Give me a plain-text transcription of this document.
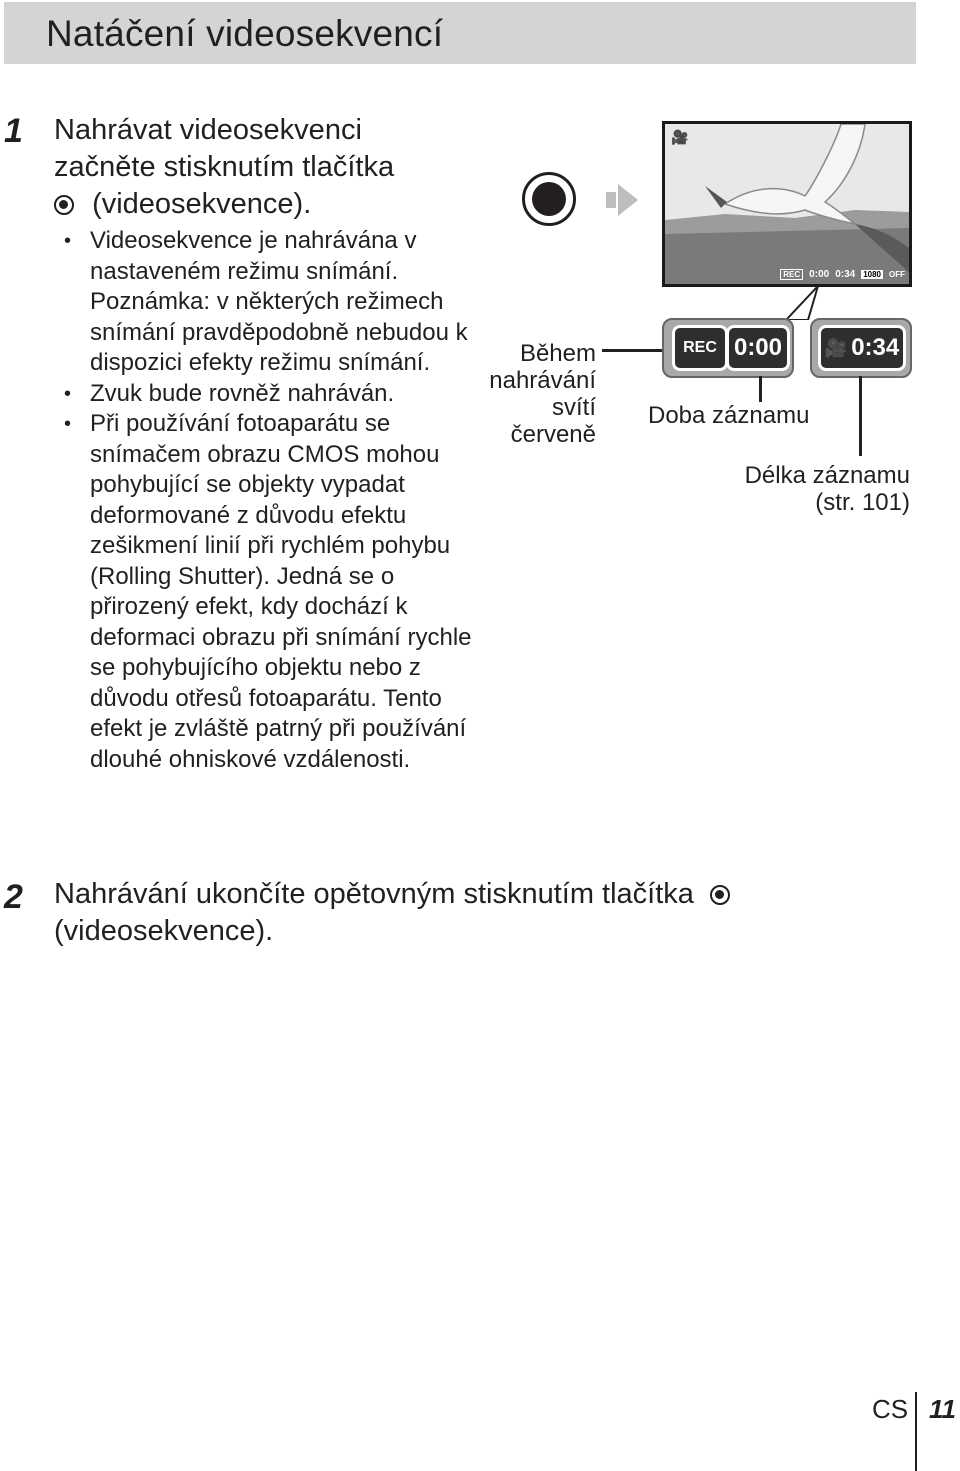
Natáčení videosekvencí
1 Nahrávat videosekvenci
začněte stisknutím tlačítka
(videosekvence).
• Videosekvence je nahrávána v nastaveném režimu snímání. Poznámka: v některých režimech snímání pravděpodobně nebudou k dispozici efekty režimu snímání.
• Zvuk bude rovněž nahráván.
• Při používání fotoaparátu se snímačem obrazu CMOS mohou pohybující se objekty vypadat deformované z důvodu efektu zešikmení linií při rychlém pohybu (Rolling Shutter). Jedná se o přirozený efekt, kdy dochází k deformaci obrazu při snímání rychle se pohybujícího objektu nebo z důvodu otřesů fotoaparátu. Tento efekt je zvláště patrný při používání dlouhé ohniskové vzdálenosti.
🎥
REC 0:00 0:34 1080 OFF
Během
nahrávání
svítí
červeně
REC 0:00 🎥 0:34
Doba záznamu
Délka záznamu
(str. 101)
2 Nahrávání ukončíte opětovným stisknutím tlačítka
(videosekvence).
CS 11
